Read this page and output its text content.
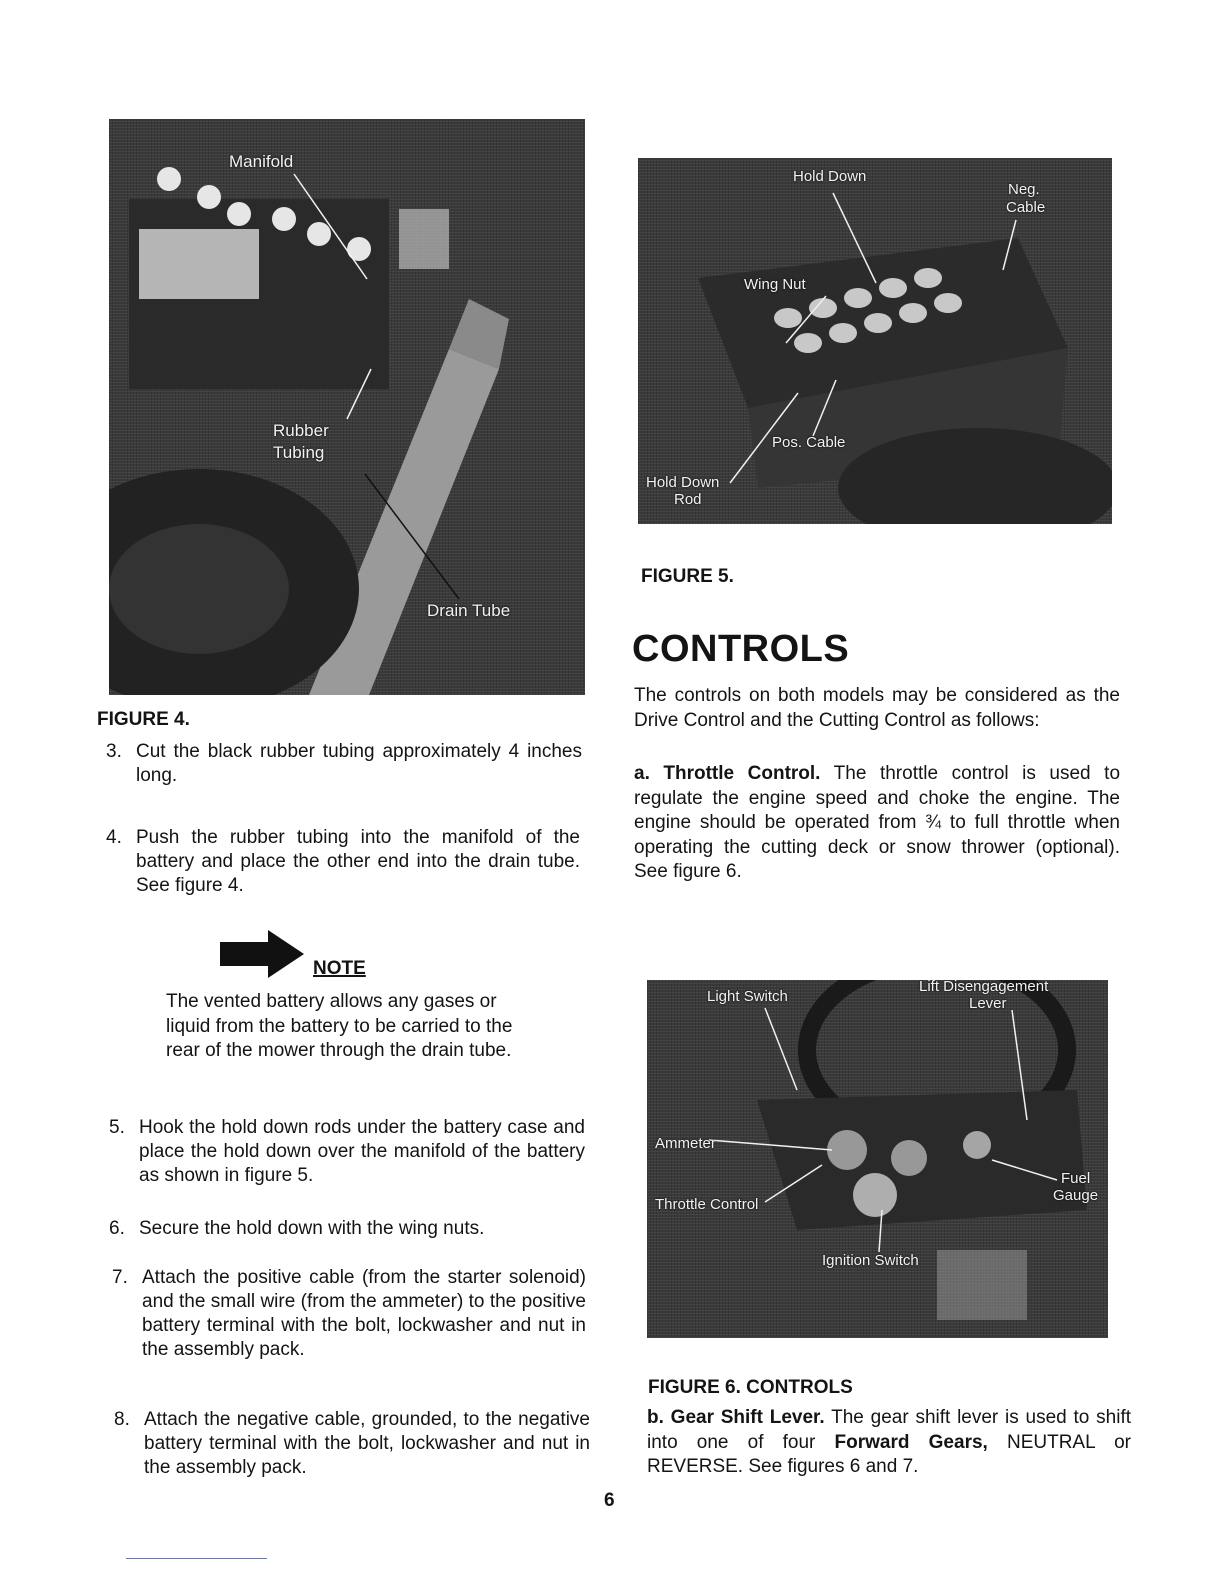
Manifold
Rubber
Tubing
Drain Tube
FIGURE 4.
3. Cut the black rubber tubing approximately 4 inches long.
4. Push the rubber tubing into the manifold of the battery and place the other end into the drain tube. See figure 4.
NOTE
The vented battery allows any gases or liquid from the battery to be carried to the rear of the mower through the drain tube.
5. Hook the hold down rods under the battery case and place the hold down over the manifold of the battery as shown in figure 5.
6. Secure the hold down with the wing nuts.
7. Attach the positive cable (from the starter solenoid) and the small wire (from the ammeter) to the positive battery terminal with the bolt, lockwasher and nut in the assembly pack.
8. Attach the negative cable, grounded, to the negative battery terminal with the bolt, lockwasher and nut in the assembly pack.
Hold Down
Neg.
Cable
Wing Nut
Pos. Cable
Hold Down
Rod
FIGURE 5.
CONTROLS
The controls on both models may be considered as the Drive Control and the Cutting Control as follows:
a. Throttle Control. The throttle control is used to regulate the engine speed and choke the engine. The engine should be operated from ¾ to full throttle when operating the cutting deck or snow thrower (optional). See figure 6.
Light Switch
Lift Disengagement
Lever
Ammeter
Fuel
Gauge
Throttle Control
Ignition Switch
FIGURE 6. CONTROLS
b. Gear Shift Lever. The gear shift lever is used to shift into one of four Forward Gears, NEUTRAL or REVERSE. See figures 6 and 7.
6
